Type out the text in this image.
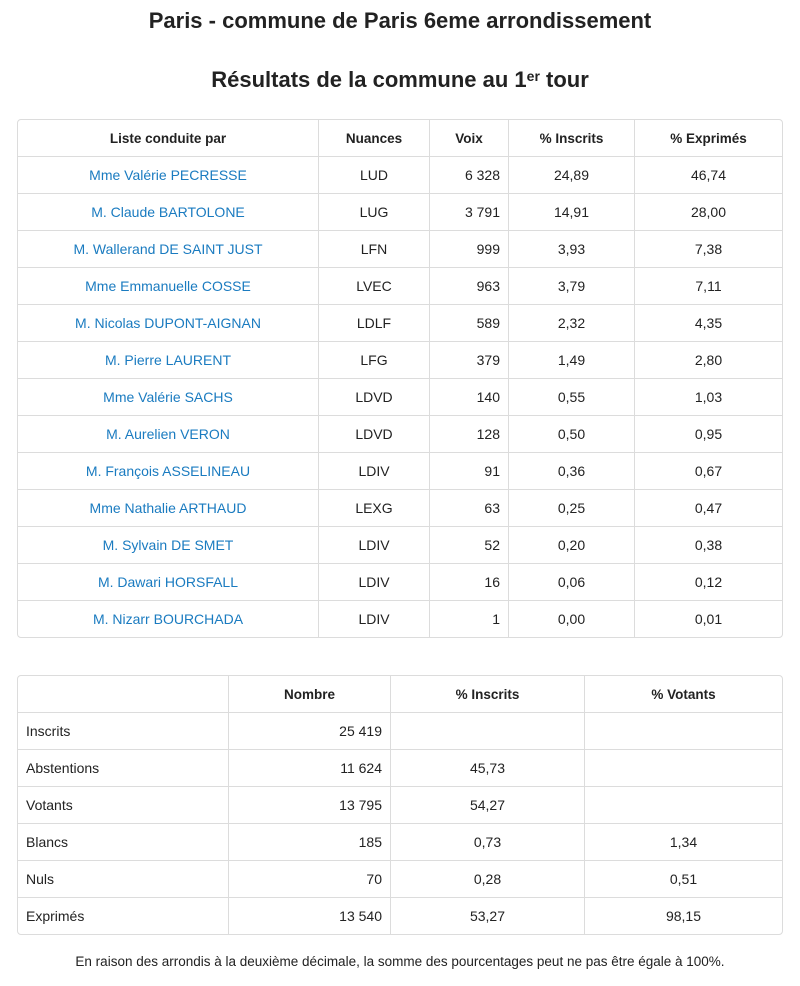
Paris - commune de Paris 6eme arrondissement
Résultats de la commune au 1er tour
Liste conduite par	Nuances	Voix	% Inscrits	% Exprimés
Mme Valérie PECRESSE	LUD	6 328	24,89	46,74
M. Claude BARTOLONE	LUG	3 791	14,91	28,00
M. Wallerand DE SAINT JUST	LFN	999	3,93	7,38
Mme Emmanuelle COSSE	LVEC	963	3,79	7,11
M. Nicolas DUPONT-AIGNAN	LDLF	589	2,32	4,35
M. Pierre LAURENT	LFG	379	1,49	2,80
Mme Valérie SACHS	LDVD	140	0,55	1,03
M. Aurelien VERON	LDVD	128	0,50	0,95
M. François ASSELINEAU	LDIV	91	0,36	0,67
Mme Nathalie ARTHAUD	LEXG	63	0,25	0,47
M. Sylvain DE SMET	LDIV	52	0,20	0,38
M. Dawari HORSFALL	LDIV	16	0,06	0,12
M. Nizarr BOURCHADA	LDIV	1	0,00	0,01
	Nombre	% Inscrits	% Votants
Inscrits	25 419		
Abstentions	11 624	45,73	
Votants	13 795	54,27	
Blancs	185	0,73	1,34
Nuls	70	0,28	0,51
Exprimés	13 540	53,27	98,15
En raison des arrondis à la deuxième décimale, la somme des pourcentages peut ne pas être égale à 100%.
